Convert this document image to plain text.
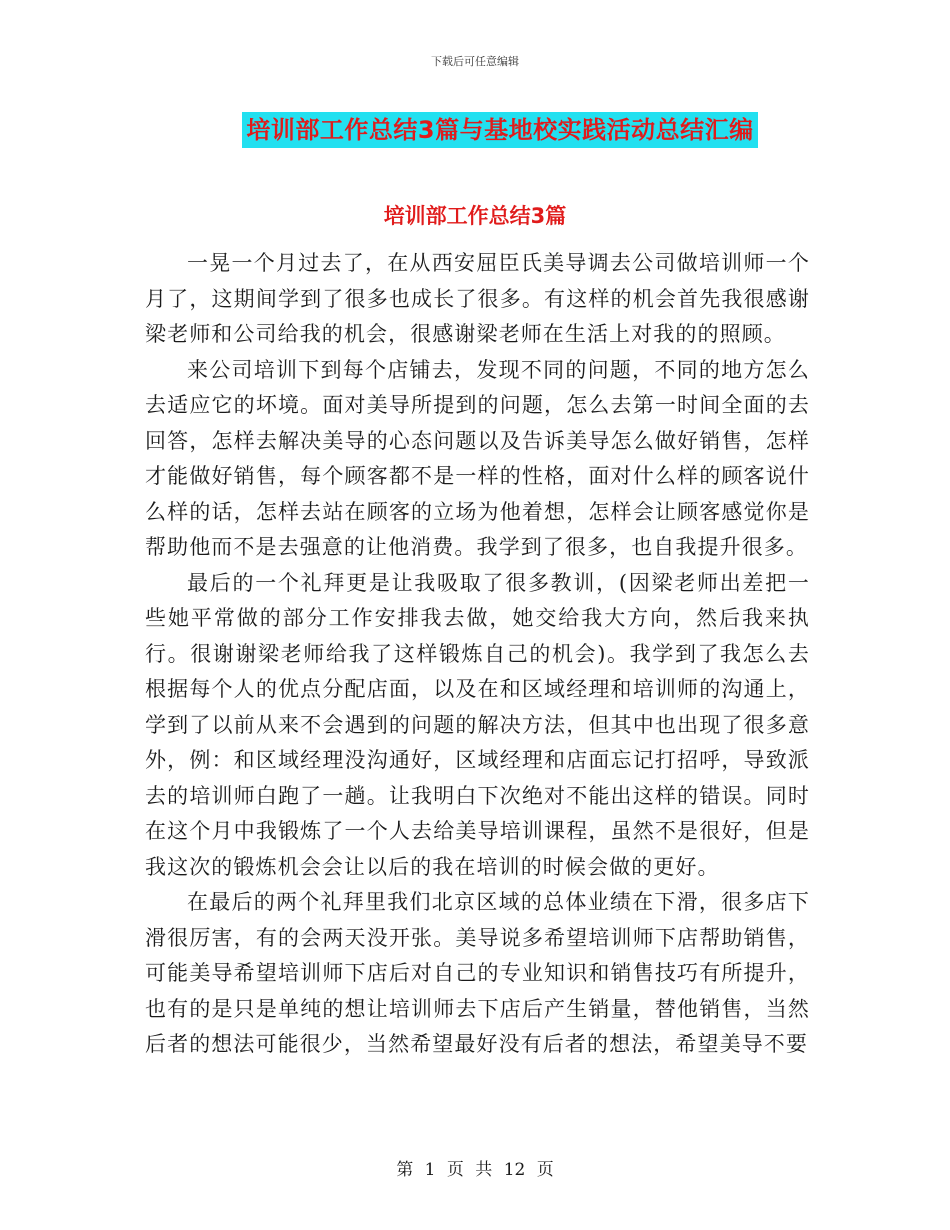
下载后可任意编辑
培训部工作总结3篇与基地校实践活动总结汇编
培训部工作总结3篇

一晃一个月过去了，在从西安屈臣氏美导调去公司做培训师一个月了，这期间学到了很多也成长了很多。有这样的机会首先我很感谢梁老师和公司给我的机会，很感谢梁老师在生活上对我的的照顾。

来公司培训下到每个店铺去，发现不同的问题，不同的地方怎么去适应它的坏境。面对美导所提到的问题，怎么去第一时间全面的去回答，怎样去解决美导的心态问题以及告诉美导怎么做好销售，怎样才能做好销售，每个顾客都不是一样的性格，面对什么样的顾客说什么样的话，怎样去站在顾客的立场为他着想，怎样会让顾客感觉你是帮助他而不是去强意的让他消费。我学到了很多，也自我提升很多。

最后的一个礼拜更是让我吸取了很多教训，(因梁老师出差把一些她平常做的部分工作安排我去做，她交给我大方向，然后我来执行。很谢谢梁老师给我了这样锻炼自己的机会)。我学到了我怎么去根据每个人的优点分配店面，以及在和区域经理和培训师的沟通上，学到了以前从来不会遇到的问题的解决方法，但其中也出现了很多意外，例：和区域经理没沟通好，区域经理和店面忘记打招呼，导致派去的培训师白跑了一趟。让我明白下次绝对不能出这样的错误。同时在这个月中我锻炼了一个人去给美导培训课程，虽然不是很好，但是我这次的锻炼机会会让以后的我在培训的时候会做的更好。

在最后的两个礼拜里我们北京区域的总体业绩在下滑，很多店下滑很厉害，有的会两天没开张。美导说多希望培训师下店帮助销售，可能美导希望培训师下店后对自己的专业知识和销售技巧有所提升，也有的是只是单纯的想让培训师去下店后产生销量，替他销售，当然后者的想法可能很少，当然希望最好没有后者的想法，希望美导不要

第 1 页 共 12 页
